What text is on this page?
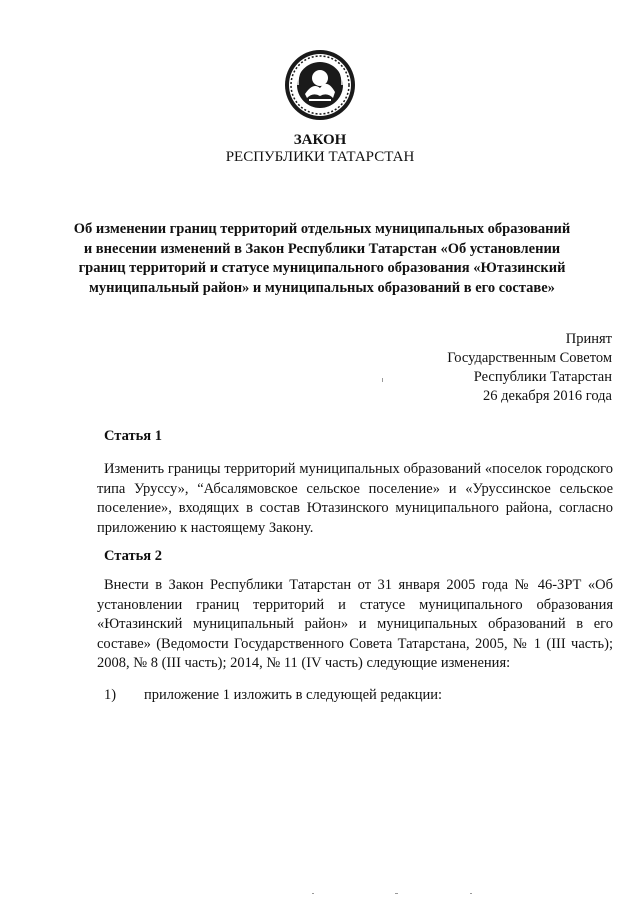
ЗАКОН
РЕСПУБЛИКИ ТАТАРСТАН
Об изменении границ территорий отдельных муниципальных образований и внесении изменений в Закон Республики Татарстан «Об установлении границ территорий и статусе муниципального образования «Ютазинский муниципальный район» и муниципальных образований в его составе»
Принят
Государственным Советом
Республики Татарстан
26 декабря 2016 года
Статья 1
Изменить границы территорий муниципальных образований «поселок городского типа Уруссу», “Абсалямовское сельское поселение» и «Уруссинское сельское поселение», входящих в состав Ютазинского муниципального района, согласно приложению к настоящему Закону.
Статья 2
Внести в Закон Республики Татарстан от 31 января 2005 года № 46-ЗРТ «Об установлении границ территорий и статусе муниципального образования «Ютазинский муниципальный район» и муниципальных образований в его составе» (Ведомости Государственного Совета Татарстана, 2005, № 1 (III часть); 2008, № 8 (III часть); 2014, № 11 (IV часть) следующие изменения:
1) приложение 1 изложить в следующей редакции:
